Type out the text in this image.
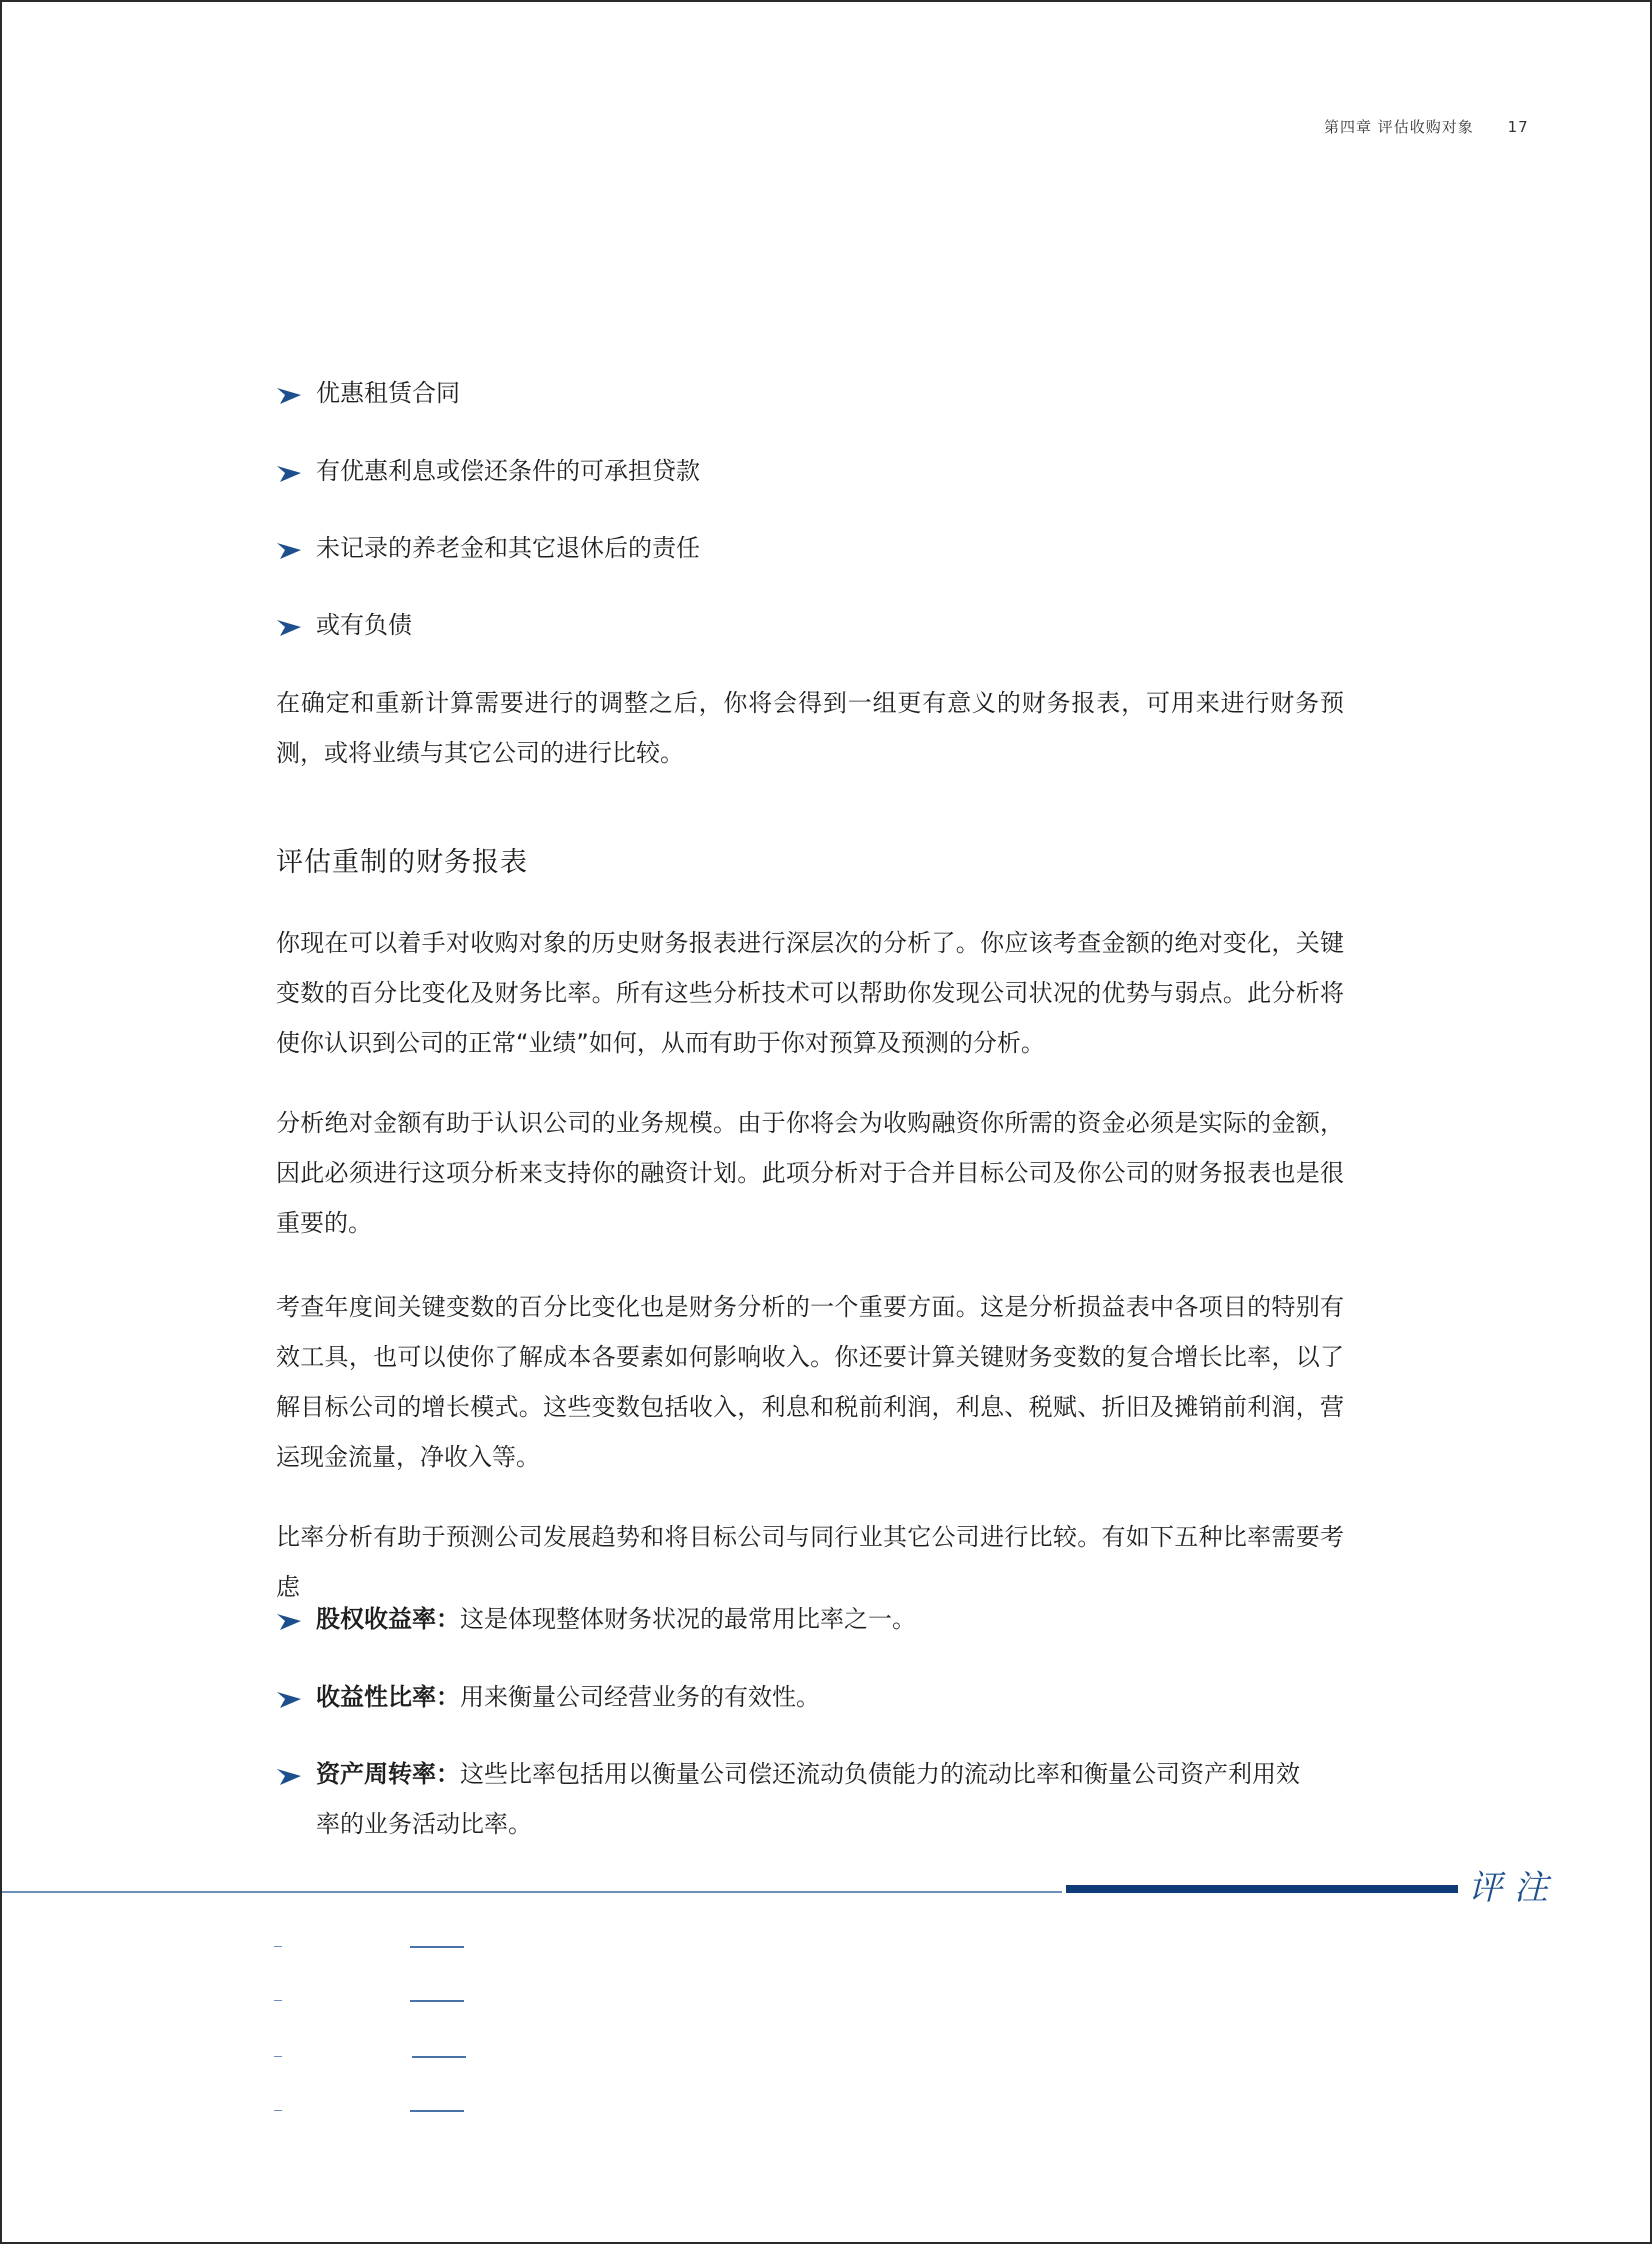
第四章 评估收购对象 17
优惠租赁合同
有优惠利息或偿还条件的可承担贷款
未记录的养老金和其它退休后的责任
或有负债

在确定和重新计算需要进行的调整之后，你将会得到一组更有意义的财务报表，可用来进行财务预测，或将业绩与其它公司的进行比较。

评估重制的财务报表

你现在可以着手对收购对象的历史财务报表进行深层次的分析了。你应该考查金额的绝对变化，关键变数的百分比变化及财务比率。所有这些分析技术可以帮助你发现公司状况的优势与弱点。此分析将使你认识到公司的正常“业绩”如何，从而有助于你对预算及预测的分析。

分析绝对金额有助于认识公司的业务规模。由于你将会为收购融资你所需的资金必须是实际的金额，因此必须进行这项分析来支持你的融资计划。此项分析对于合并目标公司及你公司的财务报表也是很重要的。

考查年度间关键变数的百分比变化也是财务分析的一个重要方面。这是分析损益表中各项目的特别有效工具，也可以使你了解成本各要素如何影响收入。你还要计算关键财务变数的复合增长比率，以了解目标公司的增长模式。这些变数包括收入，利息和税前利润，利息、税赋、折旧及摊销前利润，营运现金流量，净收入等。

比率分析有助于预测公司发展趋势和将目标公司与同行业其它公司进行比较。有如下五种比率需要考虑

股权收益率：这是体现整体财务状况的最常用比率之一。
收益性比率：用来衡量公司经营业务的有效性。
资产周转率：这些比率包括用以衡量公司偿还流动负债能力的流动比率和衡量公司资产利用效率的业务活动比率。
评注
